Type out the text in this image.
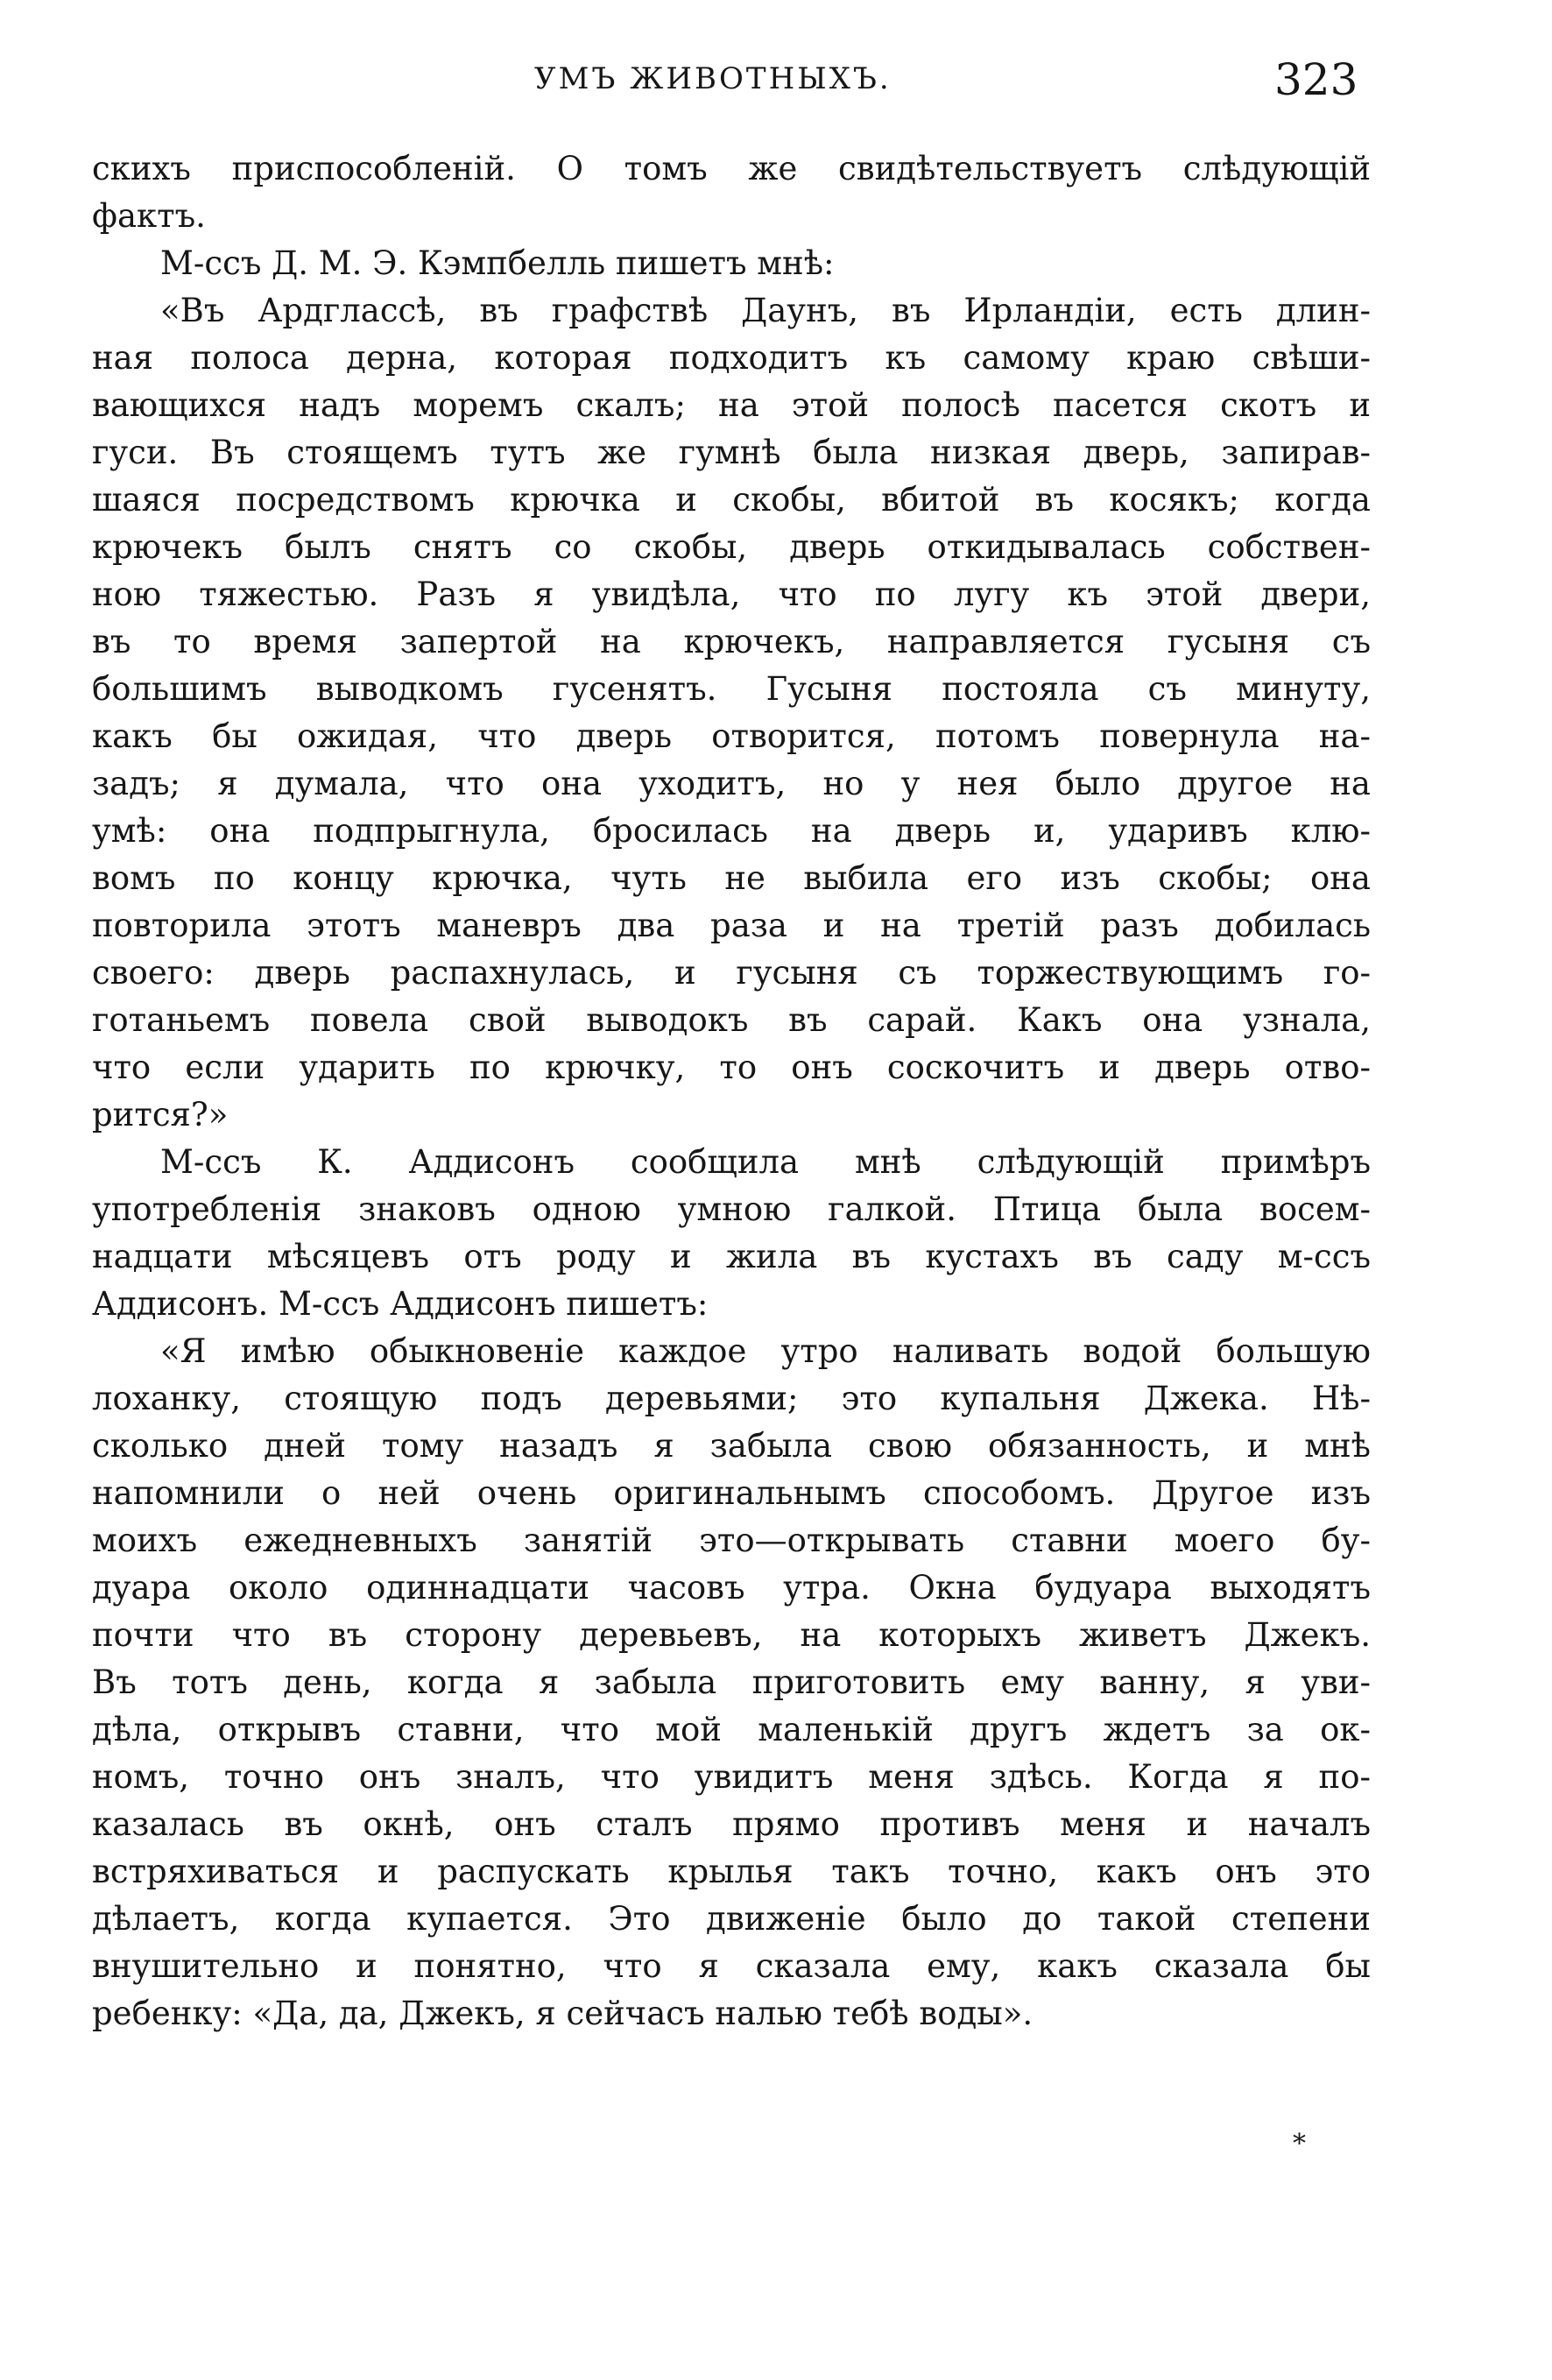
УМЪ ЖИВОТНЫХЪ.	323
скихъ приспособленій. О томъ же свидѣтельствуетъ слѣдующій
фактъ.
М-ссъ Д. М. Э. Кэмпбелль пишетъ мнѣ:
«Въ Ардглассѣ, въ графствѣ Даунъ, въ Ирландіи, есть длин-
ная полоса дерна, которая подходитъ къ самому краю свѣши-
вающихся надъ моремъ скалъ; на этой полосѣ пасется скотъ и
гуси. Въ стоящемъ тутъ же гумнѣ была низкая дверь, запирав-
шаяся посредствомъ крючка и скобы, вбитой въ косякъ; когда
крючекъ былъ снятъ со скобы, дверь откидывалась собствен-
ною тяжестью. Разъ я увидѣла, что по лугу къ этой двери,
въ то время запертой на крючекъ, направляется гусыня съ
большимъ выводкомъ гусенятъ. Гусыня постояла съ минуту,
какъ бы ожидая, что дверь отворится, потомъ повернула на-
задъ; я думала, что она уходитъ, но у нея было другое на
умѣ: она подпрыгнула, бросилась на дверь и, ударивъ клю-
вомъ по концу крючка, чуть не выбила его изъ скобы; она
повторила этотъ маневръ два раза и на третій разъ добилась
своего: дверь распахнулась, и гусыня съ торжествующимъ го-
готаньемъ повела свой выводокъ въ сарай. Какъ она узнала,
что если ударить по крючку, то онъ соскочитъ и дверь отво-
рится?»
М-ссъ К. Аддисонъ сообщила мнѣ слѣдующій примѣръ
употребленія знаковъ одною умною галкой. Птица была восем-
надцати мѣсяцевъ отъ роду и жила въ кустахъ въ саду м-ссъ
Аддисонъ. М-ссъ Аддисонъ пишетъ:
«Я имѣю обыкновеніе каждое утро наливать водой большую
лоханку, стоящую подъ деревьями; это купальня Джека. Нѣ-
сколько дней тому назадъ я забыла свою обязанность, и мнѣ
напомнили о ней очень оригинальнымъ способомъ. Другое изъ
моихъ ежедневныхъ занятій это—открывать ставни моего бу-
дуара около одиннадцати часовъ утра. Окна будуара выходятъ
почти что въ сторону деревьевъ, на которыхъ живетъ Джекъ.
Въ тотъ день, когда я забыла приготовить ему ванну, я уви-
дѣла, открывъ ставни, что мой маленькій другъ ждетъ за ок-
номъ, точно онъ зналъ, что увидитъ меня здѣсь. Когда я по-
казалась въ окнѣ, онъ сталъ прямо противъ меня и началъ
встряхиваться и распускать крылья такъ точно, какъ онъ это
дѣлаетъ, когда купается. Это движеніе было до такой степени
внушительно и понятно, что я сказала ему, какъ сказала бы
ребенку: «Да, да, Джекъ, я сейчасъ налью тебѣ воды».
*
